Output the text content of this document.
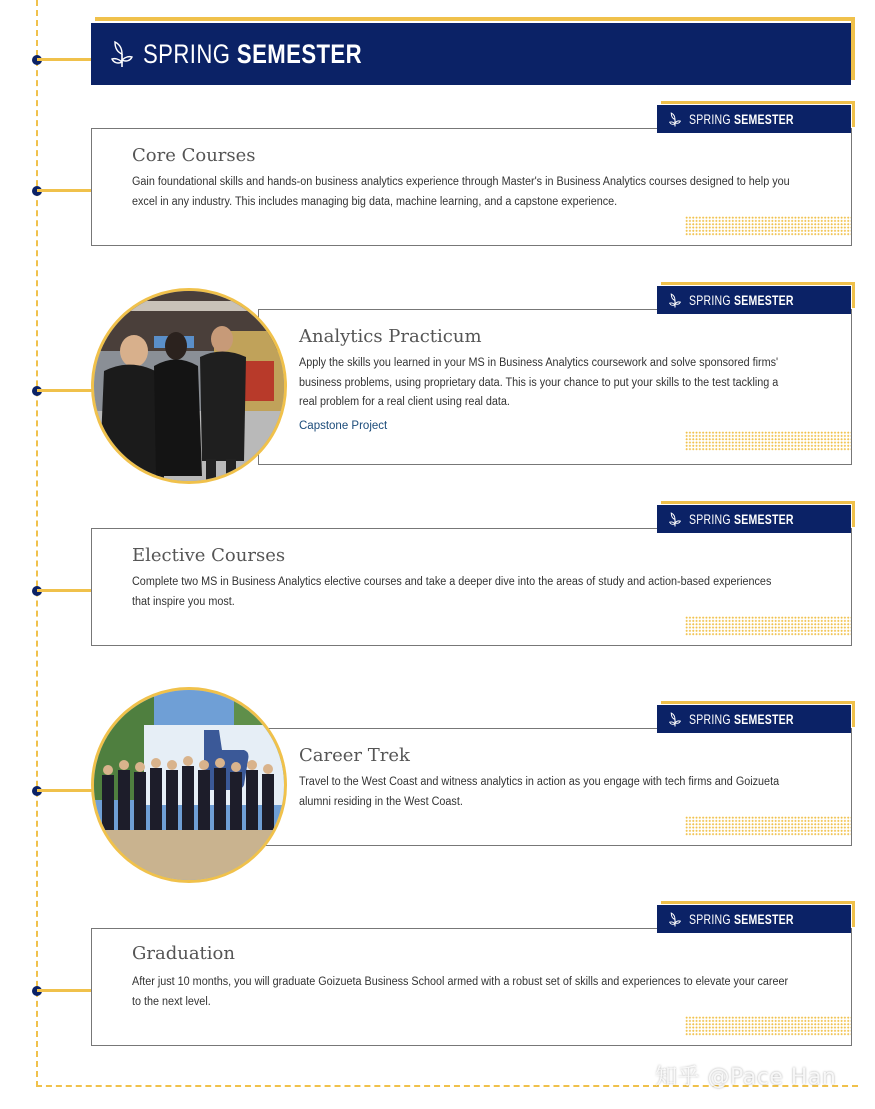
SPRING SEMESTER
Core Courses
Gain foundational skills and hands-on business analytics experience through Master's in Business Analytics courses designed to help you excel in any industry. This includes managing big data, machine learning, and a capstone experience.
SPRING SEMESTER
Analytics Practicum
Apply the skills you learned in your MS in Business Analytics coursework and solve sponsored firms' business problems, using proprietary data. This is your chance to put your skills to the test tackling a real problem for a real client using real data.
Capstone Project
SPRING SEMESTER
Elective Courses
Complete two MS in Business Analytics elective courses and take a deeper dive into the areas of study and action-based experiences that inspire you most.
SPRING SEMESTER
Career Trek
Travel to the West Coast and witness analytics in action as you engage with tech firms and Goizueta alumni residing in the West Coast.
SPRING SEMESTER
Graduation
After just 10 months, you will graduate Goizueta Business School armed with a robust set of skills and experiences to elevate your career to the next level.
SPRING SEMESTER
知乎 @Pace Han
